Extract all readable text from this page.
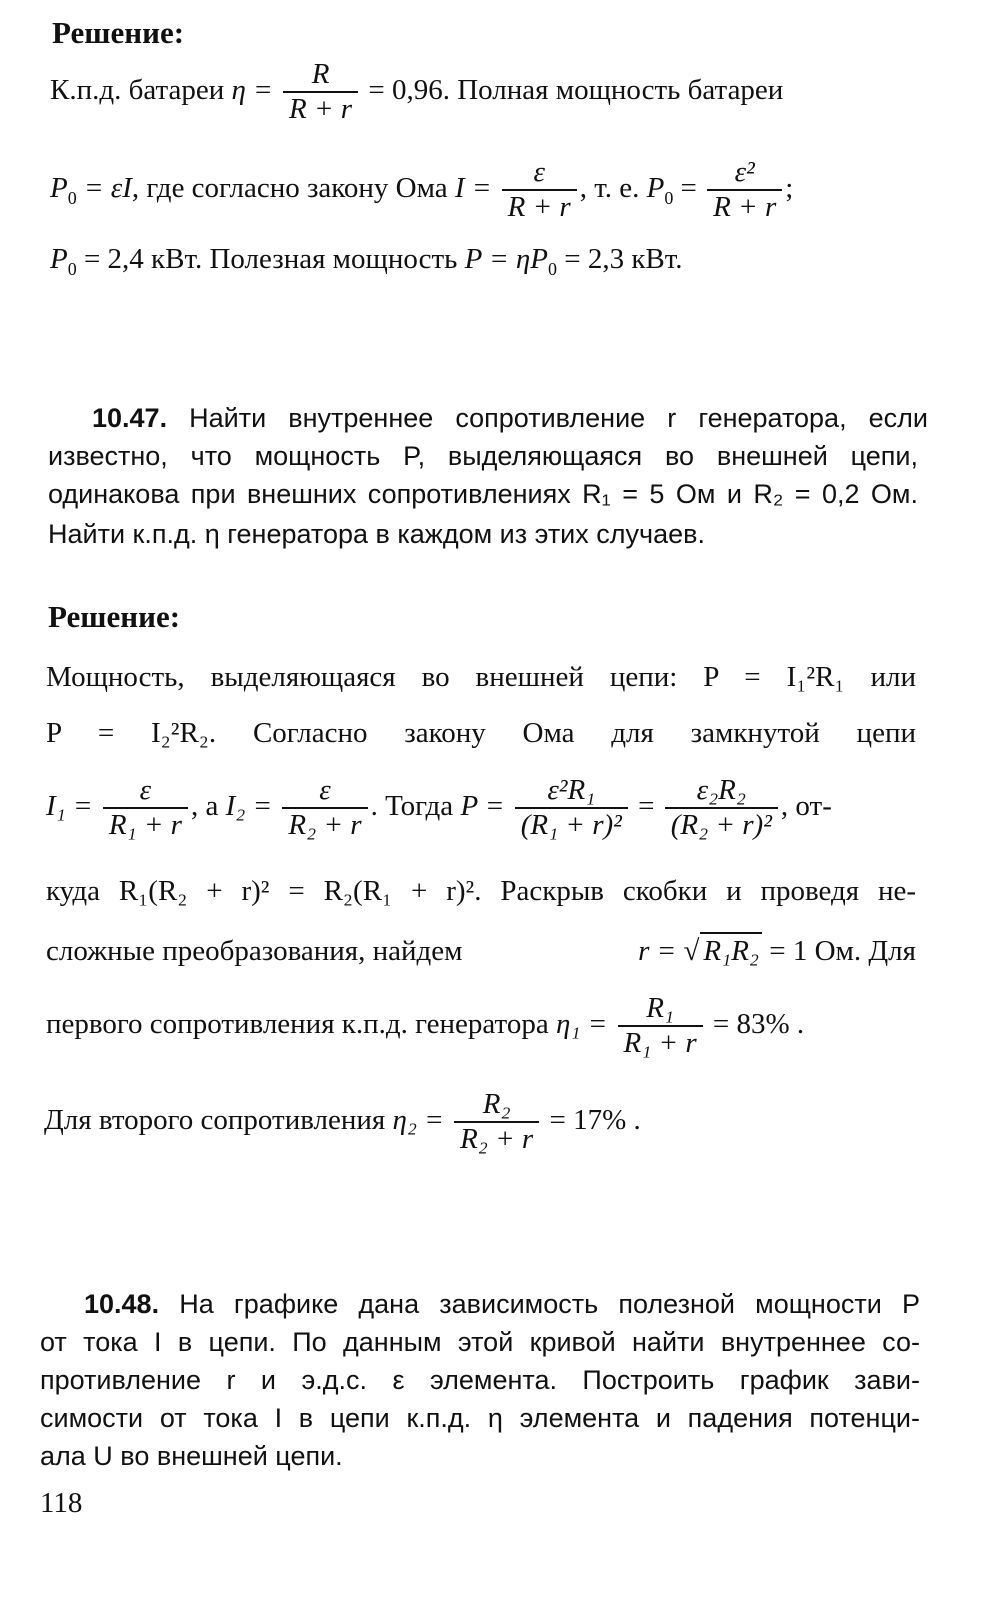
Решение:
К.п.д. батареи $\eta = \frac{R}{R + r} = 0,96$. Полная мощность батареи
$P_0 = \varepsilon I$, где согласно закону Ома $I = \frac{\varepsilon}{R + r}$ , т. е. $P_0 = \frac{\text{ε²}}{R + r}$ ;
$P_0 = 2,4$ кВт. Полезная мощность $P = \eta P_0 = 2,3$ кВт.
10.47. Найти внутреннее сопротивление r генератора, если
известно, что мощность P, выделяющаяся во внешней цепи,
одинакова при внешних сопротивлениях R₁ = 5 Ом и R₂ = 0,2 Ом.
Найти к.п.д. η генератора в каждом из этих случаев.
Решение:
Мощность, выделяющаяся во внешней цепи: P = I₁²R₁ или
P = I₂²R₂. Согласно закону Ома для замкнутой цепи
$I_1 = \frac{\varepsilon}{\text{R₁ + r}}$ , а $I_2 = \frac{\varepsilon}{\text{R₂ + r}}$ . Тогда $P = \frac{\text{ε²R₁}}{\text{(R₁ + r)²}} = \frac{\text{ε₂R₂}}{\text{(R₂ + r)²}}$ , от-
куда R₁(R₂ + r)² = R₂(R₁ + r)². Раскрыв скобки и проведя не-
сложные преобразования, найдем	r = √ R₁R₂ = 1 Ом. Для
первого сопротивления к.п.д. генератора $\eta_1 = \frac{\text{R₁}}{\text{R₁ + r}} = 83\%$ .
Для второго сопротивления $\eta_2 = \frac{\text{R₂}}{\text{R₂ + r}} = 17\%$ .
10.48. На графике дана зависимость полезной мощности P
от тока I в цепи. По данным этой кривой найти внутреннее со-
противление r и э.д.с. ε элемента. Построить график зави-
симости от тока I в цепи к.п.д. η элемента и падения потенци-
ала U во внешней цепи.
118
